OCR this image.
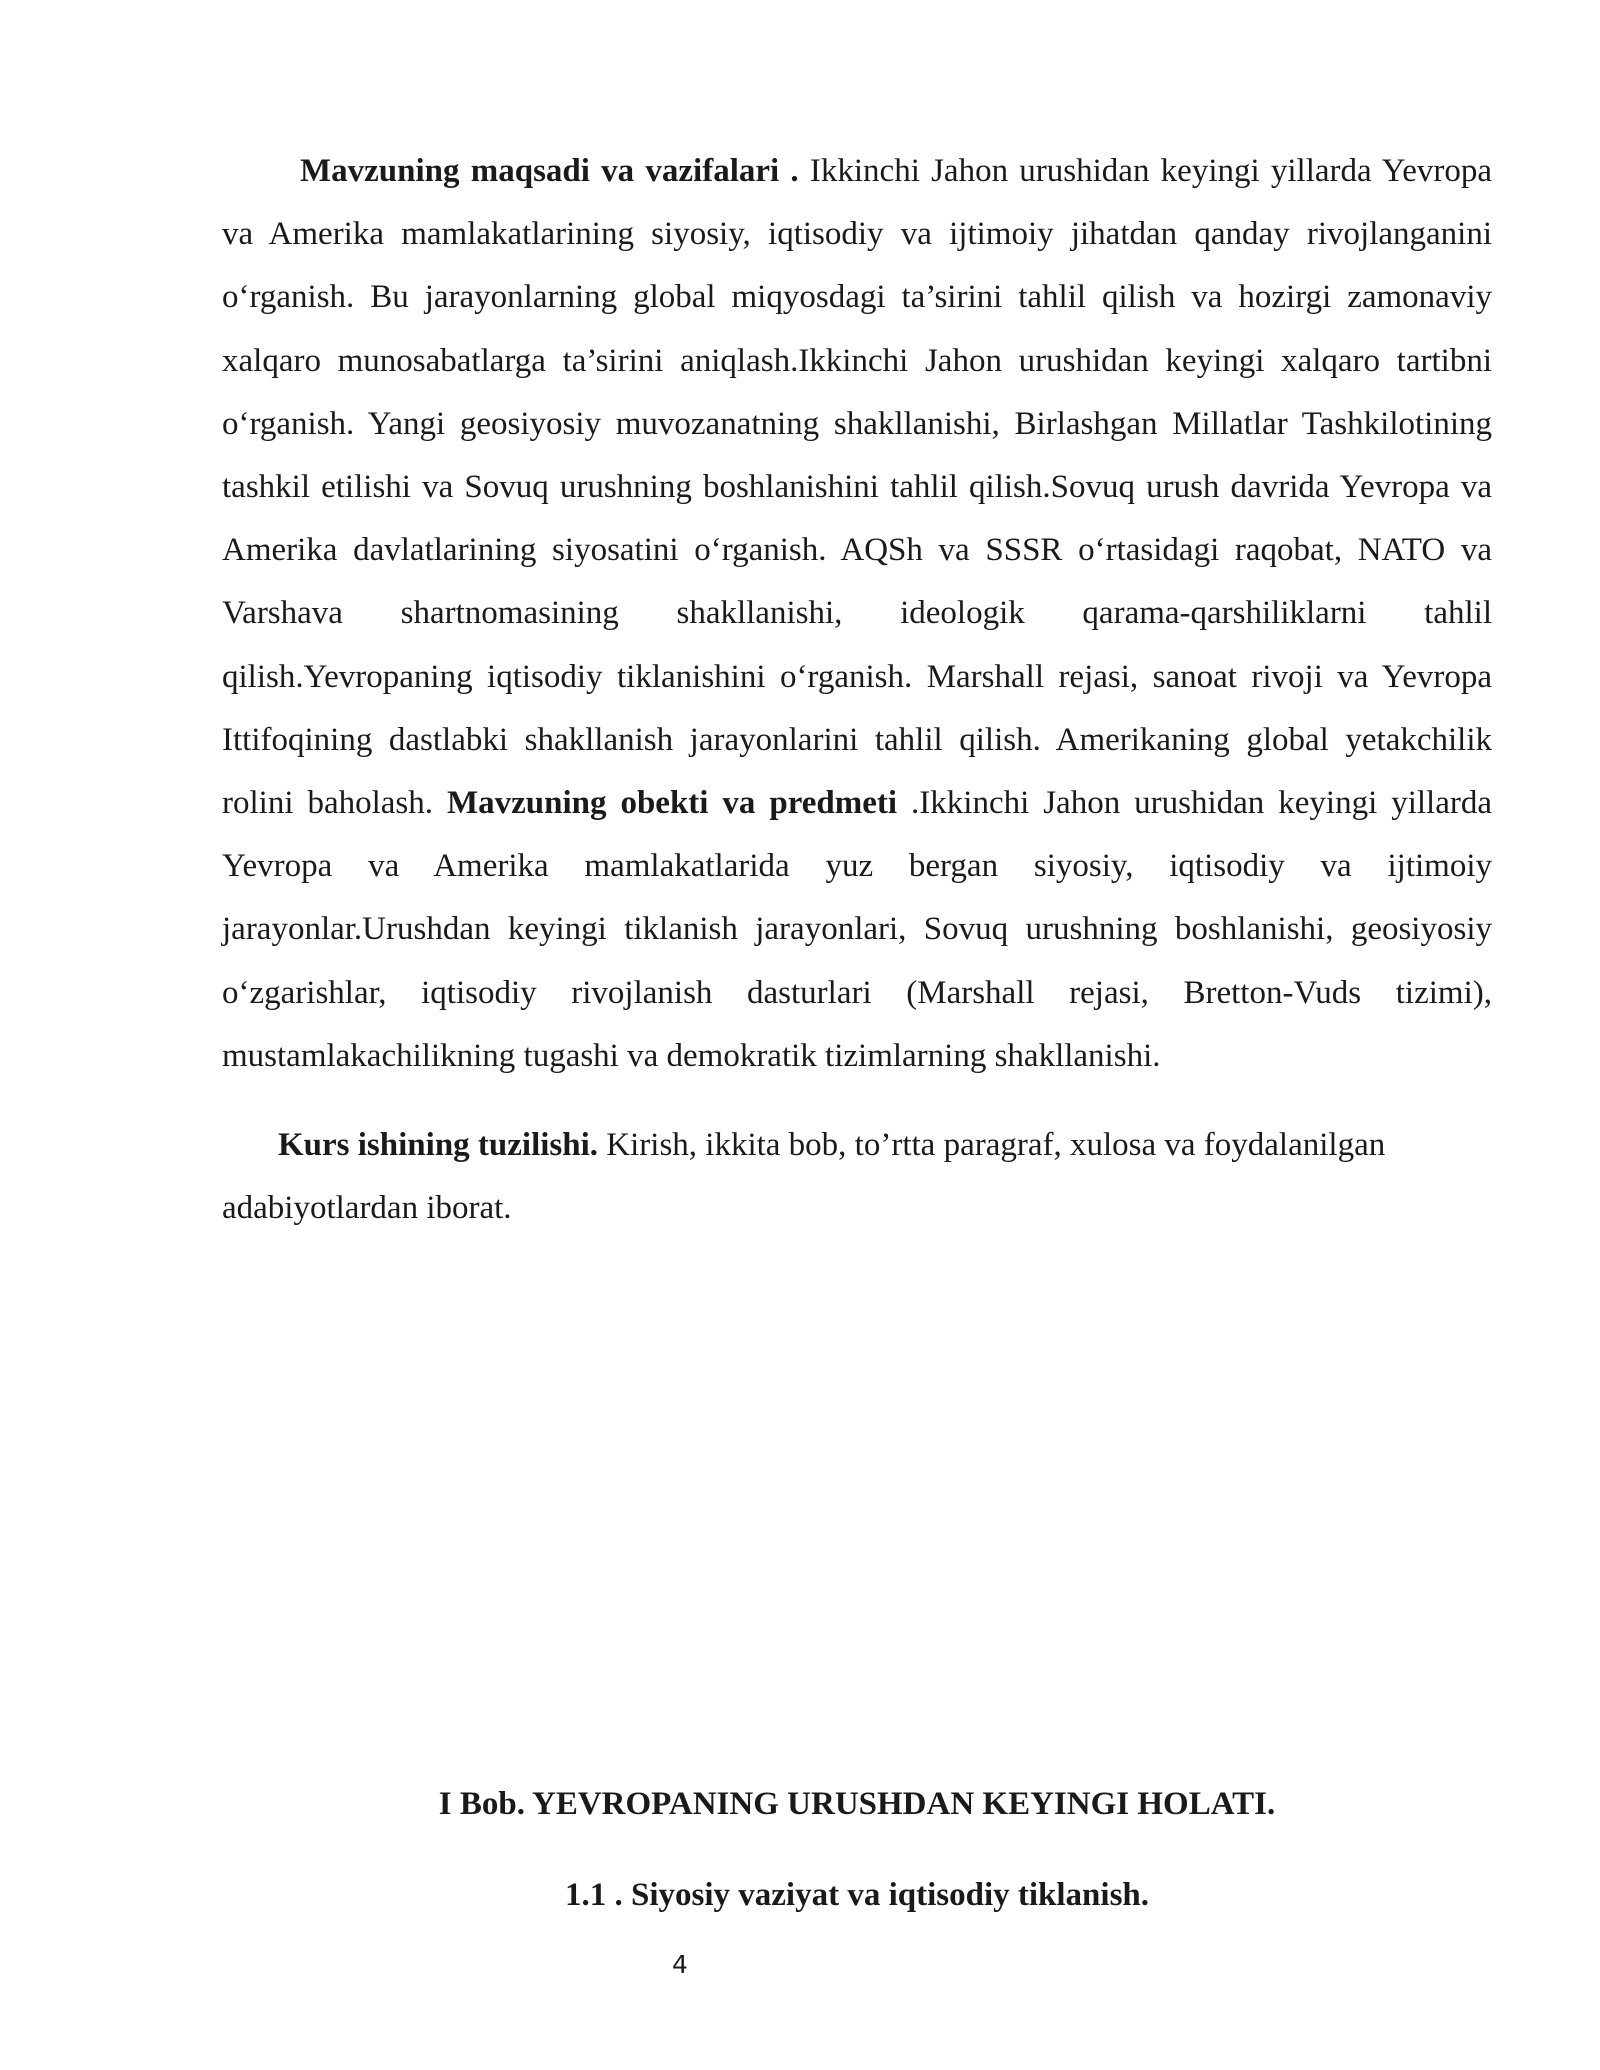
Mavzuning maqsadi va vazifalari . Ikkinchi Jahon urushidan keyingi yillarda Yevropa va Amerika mamlakatlarining siyosiy, iqtisodiy va ijtimoiy jihatdan qanday rivojlanganini o‘rganish. Bu jarayonlarning global miqyosdagi ta’sirini tahlil qilish va hozirgi zamonaviy xalqaro munosabatlarga ta’sirini aniqlash.Ikkinchi Jahon urushidan keyingi xalqaro tartibni o‘rganish. Yangi geosiyosiy muvozanatning shakllanishi, Birlashgan Millatlar Tashkilotining tashkil etilishi va Sovuq urushning boshlanishini tahlil qilish.Sovuq urush davrida Yevropa va Amerika davlatlarining siyosatini o‘rganish. AQSh va SSSR o‘rtasidagi raqobat, NATO va Varshava shartnomasining shakllanishi, ideologik qarama-qarshiliklarni tahlil qilish.Yevropaning iqtisodiy tiklanishini o‘rganish. Marshall rejasi, sanoat rivoji va Yevropa Ittifoqining dastlabki shakllanish jarayonlarini tahlil qilish. Amerikaning global yetakchilik rolini baholash. Mavzuning obekti va predmeti .Ikkinchi Jahon urushidan keyingi yillarda Yevropa va Amerika mamlakatlarida yuz bergan siyosiy, iqtisodiy va ijtimoiy jarayonlar.Urushdan keyingi tiklanish jarayonlari, Sovuq urushning boshlanishi, geosiyosiy o‘zgarishlar, iqtisodiy rivojlanish dasturlari (Marshall rejasi, Bretton-Vuds tizimi), mustamlakachilikning tugashi va demokratik tizimlarning shakllanishi.

Kurs ishining tuzilishi. Kirish, ikkita bob, to’rtta paragraf, xulosa va foydalanilgan adabiyotlardan iborat.

I Bob. YEVROPANING URUSHDAN KEYINGI HOLATI.
1.1 . Siyosiy vaziyat va iqtisodiy tiklanish.
4
